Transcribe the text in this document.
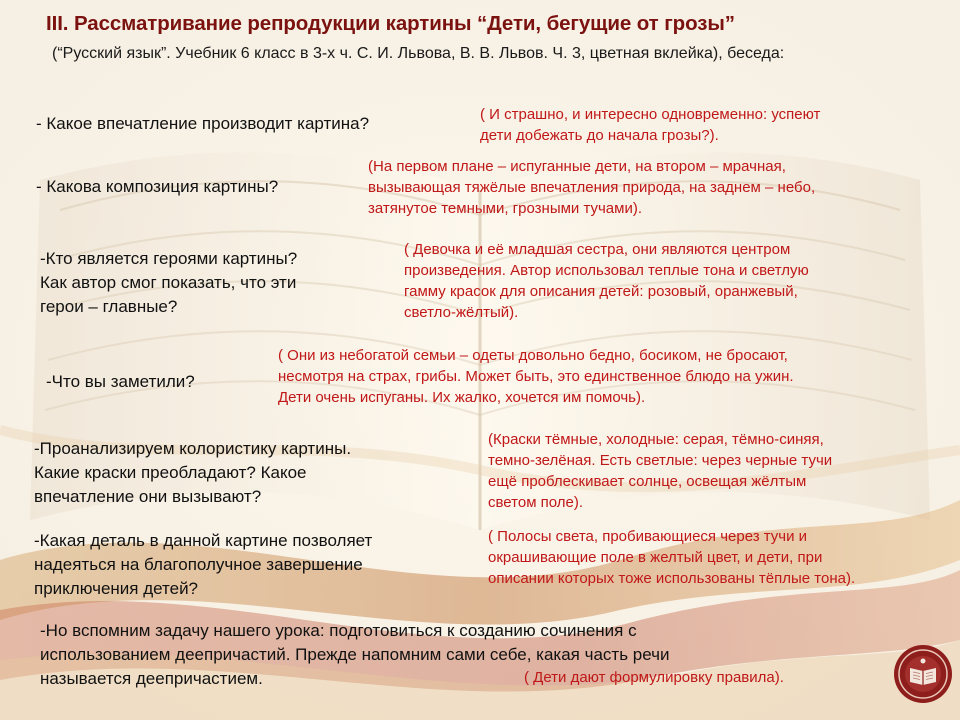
III. Рассматривание репродукции картины “Дети, бегущие от грозы”
(“Русский язык”. Учебник 6 класс в 3-х ч. С. И. Львова, В. В. Львов. Ч. 3, цветная вклейка), беседа:
- Какое впечатление производит картина?	( И страшно, и интересно одновременно: успеют
дети добежать до начала грозы?).
- Какова композиция картины?
(На первом плане – испуганные дети, на втором – мрачная,
вызывающая тяжёлые впечатления природа, на заднем – небо,
затянутое темными, грозными тучами).
-Кто является героями картины?
Как автор смог показать, что эти
герои – главные?
( Девочка и её младшая сестра, они являются центром
произведения. Автор использовал теплые тона и светлую
гамму красок для описания детей: розовый, оранжевый,
светло-жёлтый).
-Что вы заметили?
( Они из небогатой семьи – одеты довольно бедно, босиком, не бросают,
несмотря на страх, грибы. Может быть, это единственное блюдо на ужин.
Дети очень испуганы. Их жалко, хочется им помочь).
-Проанализируем колористику картины.
Какие краски преобладают? Какое
впечатление они вызывают?
(Краски тёмные, холодные: серая, тёмно-синяя,
темно-зелёная. Есть светлые: через черные тучи
ещё проблескивает солнце, освещая жёлтым
светом поле).
-Какая деталь в данной картине позволяет
надеяться на благополучное завершение
приключения детей?
( Полосы света, пробивающиеся через тучи и
окрашивающие поле в желтый цвет, и дети, при
описании которых тоже использованы тёплые тона).
-Но вспомним задачу нашего урока: подготовиться к созданию сочинения с
использованием деепричастий. Прежде напомним сами себе, какая часть речи
называется деепричастием.	( Дети дают формулировку правила).
